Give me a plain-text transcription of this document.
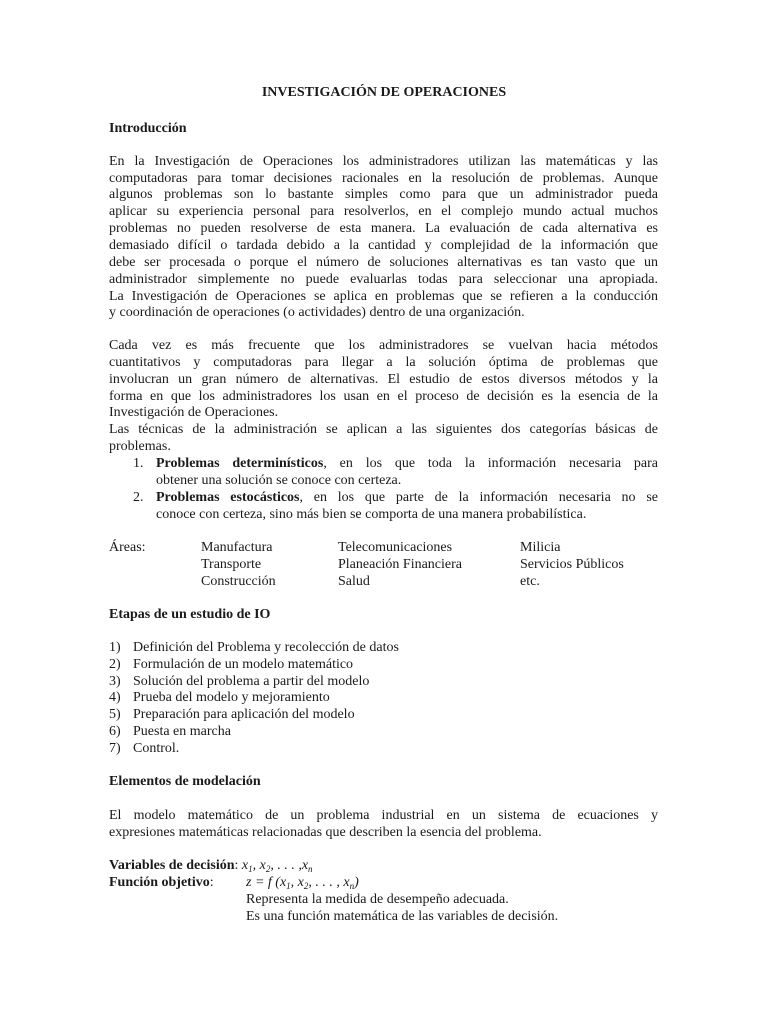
INVESTIGACIÓN DE OPERACIONES
Introducción
En la Investigación de Operaciones los administradores utilizan las matemáticas y las
computadoras para tomar decisiones racionales en la resolución de problemas. Aunque
algunos problemas son lo bastante simples como para que un administrador pueda
aplicar su experiencia personal para resolverlos, en el complejo mundo actual muchos
problemas no pueden resolverse de esta manera. La evaluación de cada alternativa es
demasiado difícil o tardada debido a la cantidad y complejidad de la información que
debe ser procesada o porque el número de soluciones alternativas es tan vasto que un
administrador simplemente no puede evaluarlas todas para seleccionar una apropiada.
La Investigación de Operaciones se aplica en problemas que se refieren a la conducción
y coordinación de operaciones (o actividades) dentro de una organización.
Cada vez es más frecuente que los administradores se vuelvan hacia métodos
cuantitativos y computadoras para llegar a la solución óptima de problemas que
involucran un gran número de alternativas. El estudio de estos diversos métodos y la
forma en que los administradores los usan en el proceso de decisión es la esencia de la
Investigación de Operaciones.
Las técnicas de la administración se aplican a las siguientes dos categorías básicas de
problemas.
1. Problemas determinísticos, en los que toda la información necesaria para
obtener una solución se conoce con certeza.
2. Problemas estocásticos, en los que parte de la información necesaria no se
conoce con certeza, sino más bien se comporta de una manera probabilística.
Áreas:	Manufactura
Transporte
Construcción
Telecomunicaciones
Planeación Financiera
Salud
Milicia
Servicios Públicos
etc.
Etapas de un estudio de IO
1) Definición del Problema y recolección de datos
2) Formulación de un modelo matemático
3) Solución del problema a partir del modelo
4) Prueba del modelo y mejoramiento
5) Preparación para aplicación del modelo
6) Puesta en marcha
7) Control.
Elementos de modelación
El modelo matemático de un problema industrial en un sistema de ecuaciones y
expresiones matemáticas relacionadas que describen la esencia del problema.
Variables de decisión: $x_1$, $x_2$, . . . $,x_n$
Función objetivo: z = f ($x_1$, $x_2$, . . . , $x_n$)
Representa la medida de desempeño adecuada.
Es una función matemática de las variables de decisión.
